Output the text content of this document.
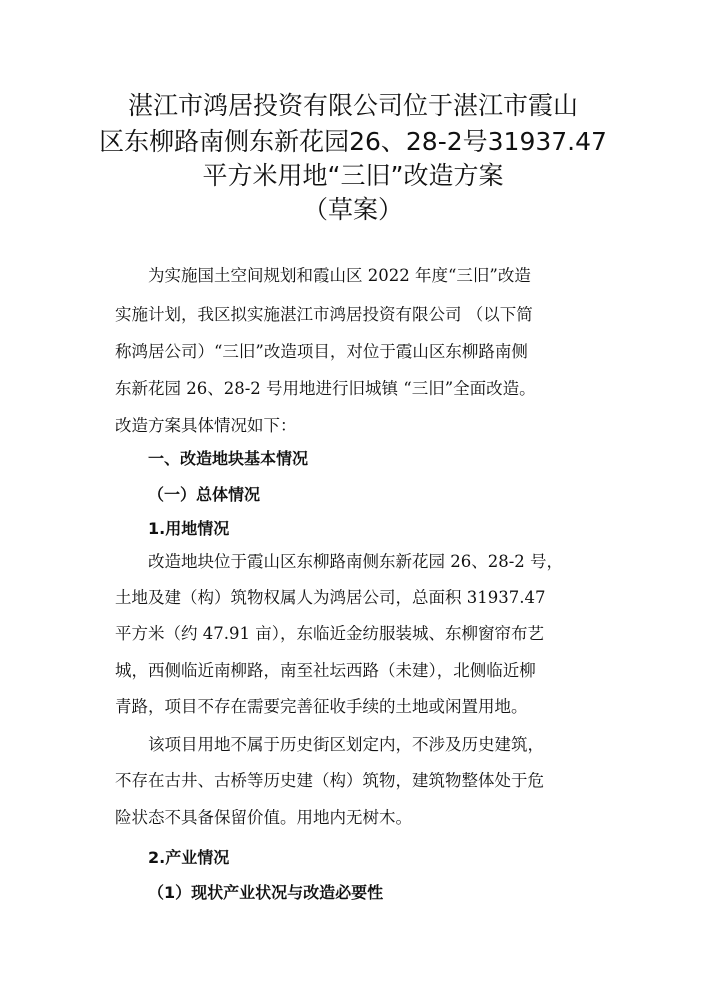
湛江市鸿居投资有限公司位于湛江市霞山
区东柳路南侧东新花园26、28-2号31937.47
平方米用地“三旧”改造方案
（草案）
为实施国土空间规划和霞山区 2022 年度“三旧”改造
实施计划，我区拟实施湛江市鸿居投资有限公司 （以下简
称鸿居公司）“三旧”改造项目，对位于霞山区东柳路南侧
东新花园 26、28-2 号用地进行旧城镇 “三旧”全面改造。
改造方案具体情况如下：
一、改造地块基本情况
（一）总体情况
1.用地情况
改造地块位于霞山区东柳路南侧东新花园 26、28-2 号，
土地及建（构）筑物权属人为鸿居公司，总面积 31937.47
平方米（约 47.91 亩），东临近金纺服装城、东柳窗帘布艺
城，西侧临近南柳路，南至社坛西路（未建），北侧临近柳
青路，项目不存在需要完善征收手续的土地或闲置用地。
该项目用地不属于历史街区划定内，不涉及历史建筑，
不存在古井、古桥等历史建（构）筑物，建筑物整体处于危
险状态不具备保留价值。用地内无树木。
2.产业情况
（1）现状产业状况与改造必要性
